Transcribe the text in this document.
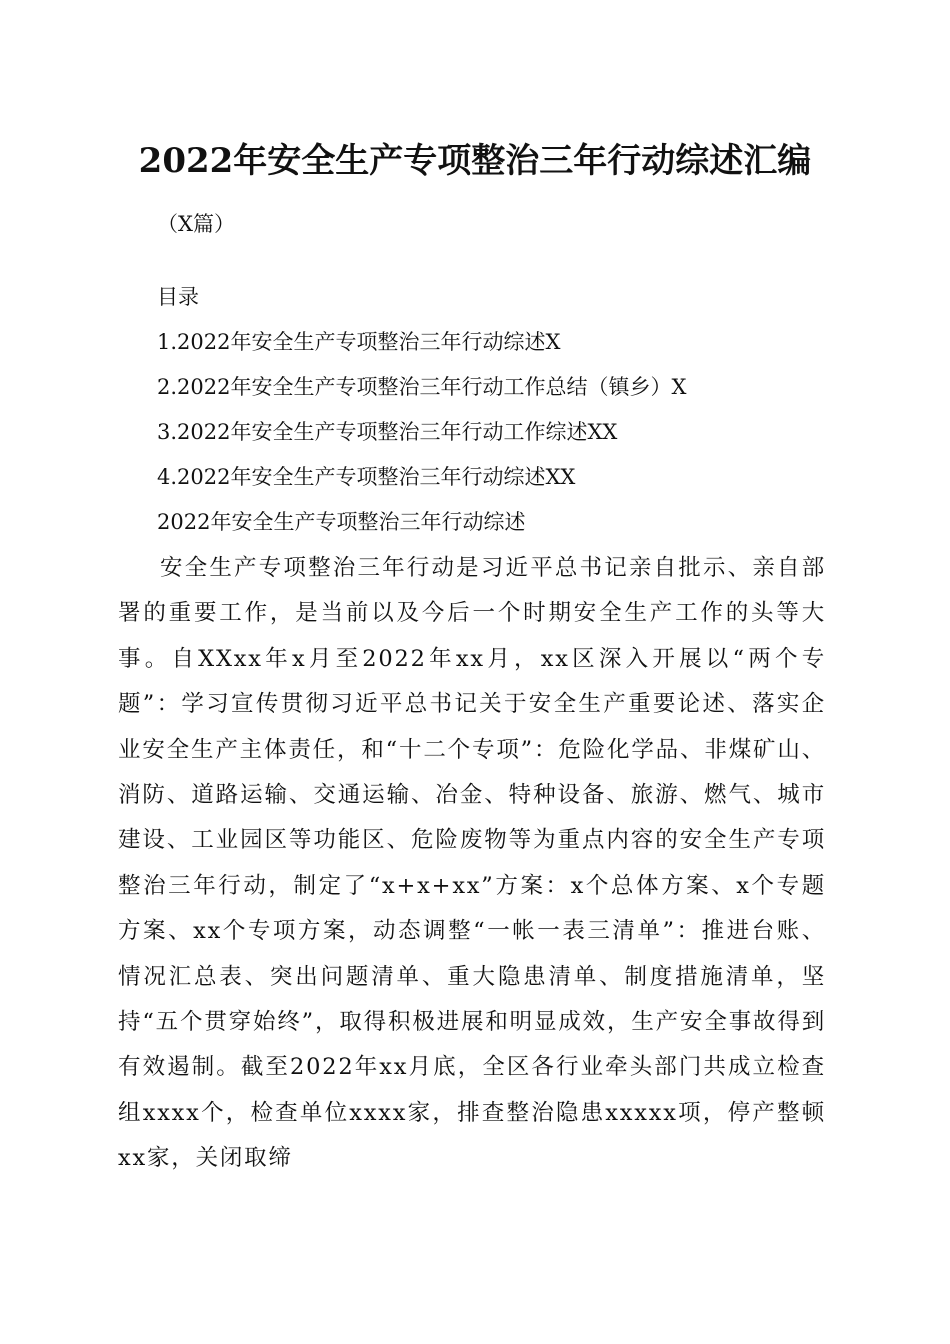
2022年安全生产专项整治三年行动综述汇编

（X篇）

目录

1.2022年安全生产专项整治三年行动综述X

2.2022年安全生产专项整治三年行动工作总结（镇乡）X

3.2022年安全生产专项整治三年行动工作综述XX

4.2022年安全生产专项整治三年行动综述XX

2022年安全生产专项整治三年行动综述

安全生产专项整治三年行动是习近平总书记亲自批示、亲自部署的重要工作，是当前以及今后一个时期安全生产工作的头等大事。自XXxx年x月至2022年xx月，xx区深入开展以“两个专题”：学习宣传贯彻习近平总书记关于安全生产重要论述、落实企业安全生产主体责任，和“十二个专项”：危险化学品、非煤矿山、消防、道路运输、交通运输、冶金、特种设备、旅游、燃气、城市建设、工业园区等功能区、危险废物等为重点内容的安全生产专项整治三年行动，制定了“x+x+xx”方案：x个总体方案、x个专题方案、xx个专项方案，动态调整“一帐一表三清单”：推进台账、情况汇总表、突出问题清单、重大隐患清单、制度措施清单，坚持“五个贯穿始终”，取得积极进展和明显成效，生产安全事故得到有效遏制。截至2022年xx月底，全区各行业牵头部门共成立检查组xxxx个，检查单位xxxx家，排查整治隐患xxxxx项，停产整顿xx家，关闭取缔
